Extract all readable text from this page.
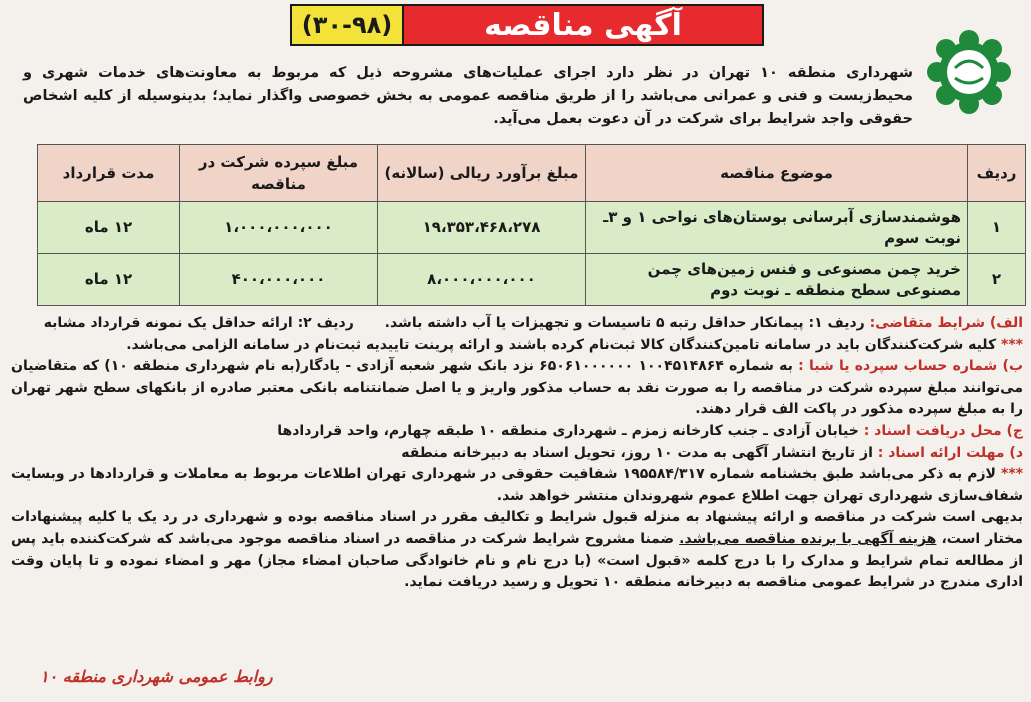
(۳۰-۹۸)	آگهی مناقصه
شهرداری منطقه ۱۰ تهران در نظر دارد اجرای عملیات‌های مشروحه ذیل که مربوط به معاونت‌های خدمات شهری و محیط‌زیست و فنی و عمرانی می‌باشد را از طریق مناقصه عمومی به بخش خصوصی واگذار نماید؛ بدینوسیله از کلیه اشخاص حقوقی واجد شرایط برای شرکت در آن دعوت بعمل می‌آید.
ردیف	موضوع مناقصه	مبلغ برآورد ریالی (سالانه)	مبلغ سپرده شرکت در مناقصه	مدت قرارداد
۱	هوشمندسازی آبرسانی بوستان‌های نواحی ۱ و ۳ـ نوبت سوم	۱۹،۳۵۳،۴۶۸،۲۷۸	۱،۰۰۰،۰۰۰،۰۰۰	۱۲ ماه
۲	خرید چمن مصنوعی و فنس زمین‌های چمن مصنوعی سطح منطقه ـ نوبت دوم	۸،۰۰۰،۰۰۰،۰۰۰	۴۰۰،۰۰۰،۰۰۰	۱۲ ماه

الف) شرایط متقاضی: ردیف ۱: پیمانکار حداقل رتبه ۵ تاسیسات و تجهیزات یا آب داشته باشد. ردیف ۲: ارائه حداقل یک نمونه قرارداد مشابه

*** کلیه شرکت‌کنندگان باید در سامانه تامین‌کنندگان کالا ثبت‌نام کرده باشند و ارائه پرینت تاییدیه ثبت‌نام در سامانه الزامی می‌باشد.

ب) شماره حساب سپرده یا شبا : به شماره ۱۰۰۴۵۱۴۸۶۴ ۶۵۰۶۱۰۰۰۰۰۰ نزد بانک شهر شعبه آزادی - یادگار(به نام شهرداری منطقه ۱۰) که متقاضیان می‌توانند مبلغ سپرده شرکت در مناقصه را به صورت نقد به حساب مذکور واریز و یا اصل ضمانتنامه بانکی معتبر صادره از بانکهای سطح شهر تهران را به مبلغ سپرده مذکور در پاکت الف قرار دهند.

ج) محل دریافت اسناد : خیابان آزادی ـ جنب کارخانه زمزم ـ شهرداری منطقه ۱۰ طبقه چهارم، واحد قراردادها

د) مهلت ارائه اسناد : از تاریخ انتشار آگهی به مدت ۱۰ روز، تحویل اسناد به دبیرخانه منطقه

*** لازم به ذکر می‌باشد طبق بخشنامه شماره ۱۹۵۵۸۴/۳۱۷ شفافیت حقوقی در شهرداری تهران اطلاعات مربوط به معاملات و قراردادها در وبسایت شفاف‌سازی شهرداری تهران جهت اطلاع عموم شهروندان منتشر خواهد شد.

بدیهی است شرکت در مناقصه و ارائه پیشنهاد به منزله قبول شرایط و تکالیف مقرر در اسناد مناقصه بوده و شهرداری در رد یک یا کلیه پیشنهادات مختار است، هزینه آگهی با برنده مناقصه می‌باشد. ضمنا مشروح شرایط شرکت در مناقصه در اسناد مناقصه موجود می‌باشد که شرکت‌کننده باید پس از مطالعه تمام شرایط و مدارک را با درج کلمه «قبول است» (با درج نام و نام خانوادگی صاحبان امضاء مجاز) مهر و امضاء نموده و تا پایان وقت اداری مندرج در شرایط عمومی مناقصه به دبیرخانه منطقه ۱۰ تحویل و رسید دریافت نماید.

روابط عمومی شهرداری منطقه ۱۰
